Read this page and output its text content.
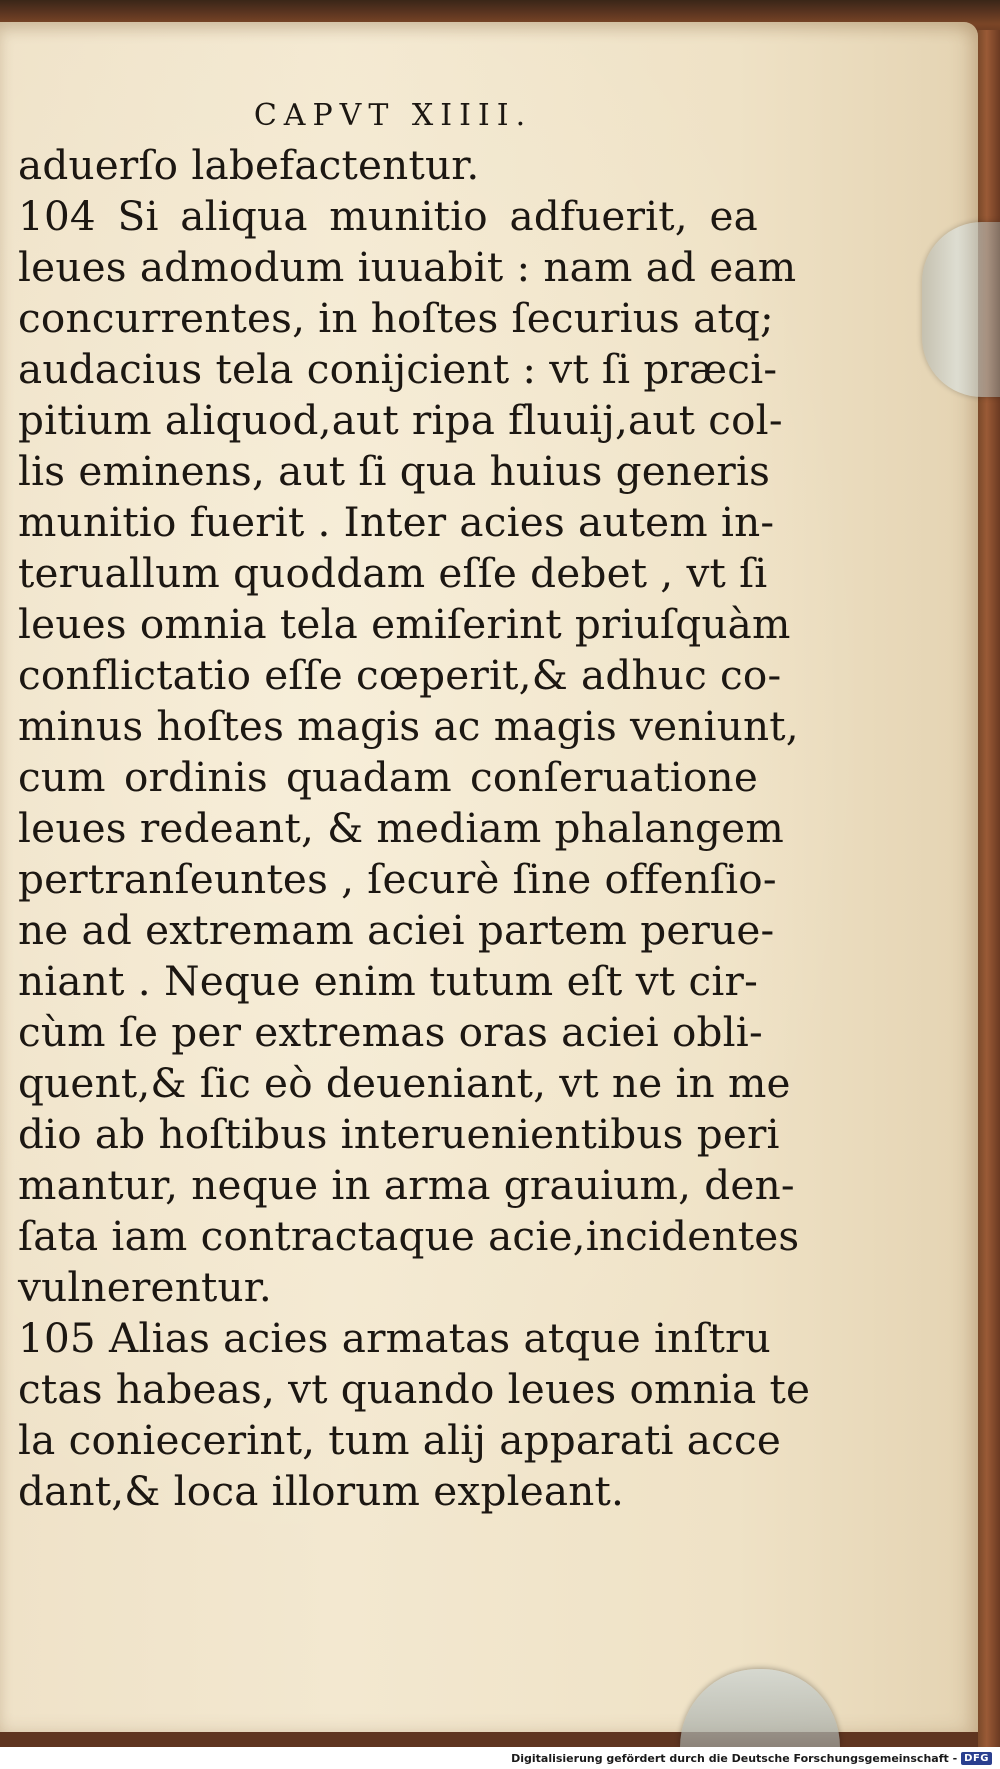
CAPVT XIIII.
aduerſo labefactentur.
104 Si aliqua munitio adfuerit, ea
leues admodum iuuabit : nam ad eam
concurrentes, in hoſtes ſecurius atq;
audacius tela conijcient : vt ſi præci-
pitium aliquod,aut ripa fluuij,aut col-
lis eminens, aut ſi qua huius generis
munitio fuerit . Inter acies autem in-
teruallum quoddam eſſe debet , vt ſi
leues omnia tela emiſerint priuſquàm
conflictatio eſſe cœperit,& adhuc co-
minus hoſtes magis ac magis veniunt,
cum ordinis quadam conſeruatione
leues redeant, & mediam phalangem
pertranſeuntes , ſecurè ſine offenſio-
ne ad extremam aciei partem perue-
niant . Neque enim tutum eſt vt cir-
cùm ſe per extremas oras aciei obli-
quent,& ſic eò deueniant, vt ne in me
dio ab hoſtibus interuenientibus peri
mantur, neque in arma grauium, den-
ſata iam contractaque acie,incidentes
vulnerentur.
105 Alias acies armatas atque inſtru
ctas habeas, vt quando leues omnia te
la coniecerint, tum alij apparati acce
dant,& loca illorum expleant.
Digitalisierung gefördert durch die Deutsche Forschungsgemeinschaft - DFG
